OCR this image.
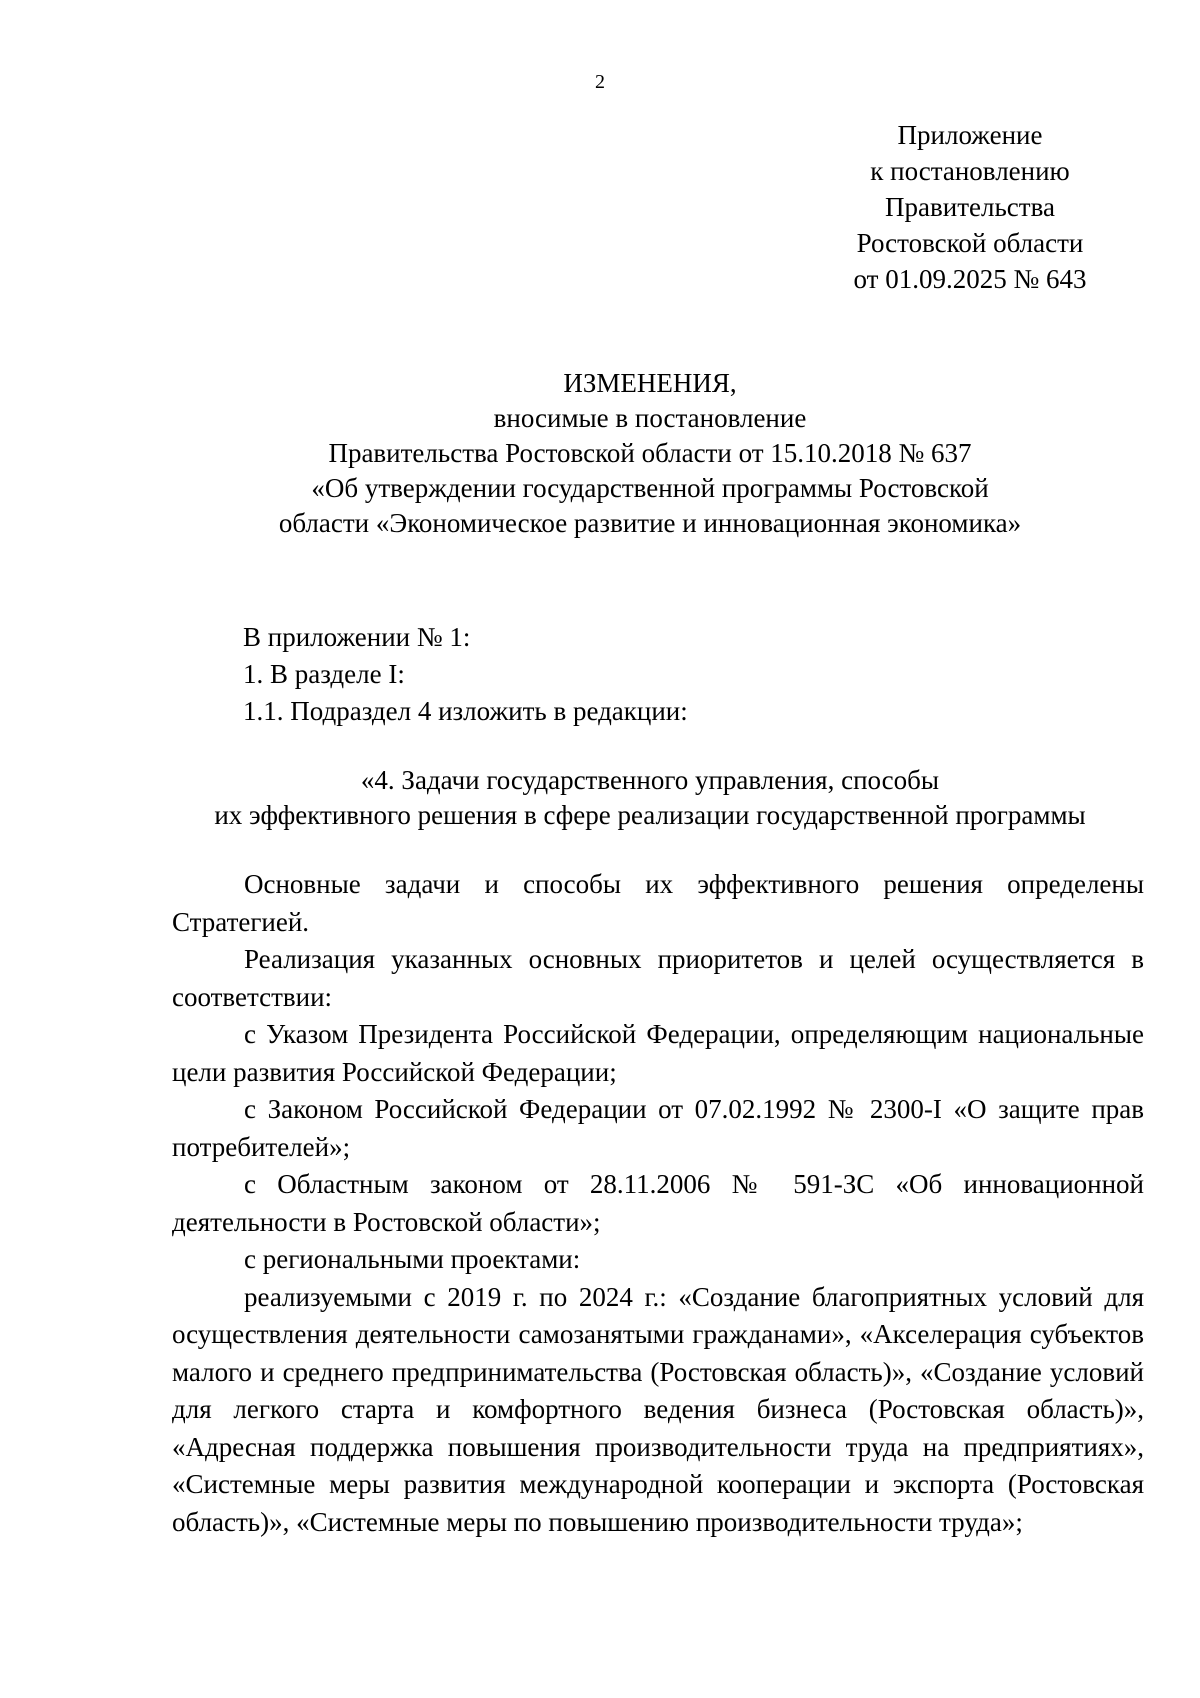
2
Приложение
к постановлению
Правительства
Ростовской области
от 01.09.2025 № 643
ИЗМЕНЕНИЯ,
вносимые в постановление
Правительства Ростовской области от 15.10.2018 № 637
«Об утверждении государственной программы Ростовской
области «Экономическое развитие и инновационная экономика»
В приложении № 1:
1. В разделе I:
1.1. Подраздел 4 изложить в редакции:
«4. Задачи государственного управления, способы
их эффективного решения в сфере реализации государственной программы

Основные задачи и способы их эффективного решения определены Стратегией.

Реализация указанных основных приоритетов и целей осуществляется в соответствии:

с Указом Президента Российской Федерации, определяющим национальные цели развития Российской Федерации;

с Законом Российской Федерации от 07.02.1992 № 2300-I «О защите прав потребителей»;

с Областным законом от 28.11.2006 № 591-ЗС «Об инновационной деятельности в Ростовской области»;

с региональными проектами:

реализуемыми с 2019 г. по 2024 г.: «Создание благоприятных условий для осуществления деятельности самозанятыми гражданами», «Акселерация субъектов малого и среднего предпринимательства (Ростовская область)», «Создание условий для легкого старта и комфортного ведения бизнеса (Ростовская область)», «Адресная поддержка повышения производительности труда на предприятиях», «Системные меры развития международной кооперации и экспорта (Ростовская область)», «Системные меры по повышению производительности труда»;
